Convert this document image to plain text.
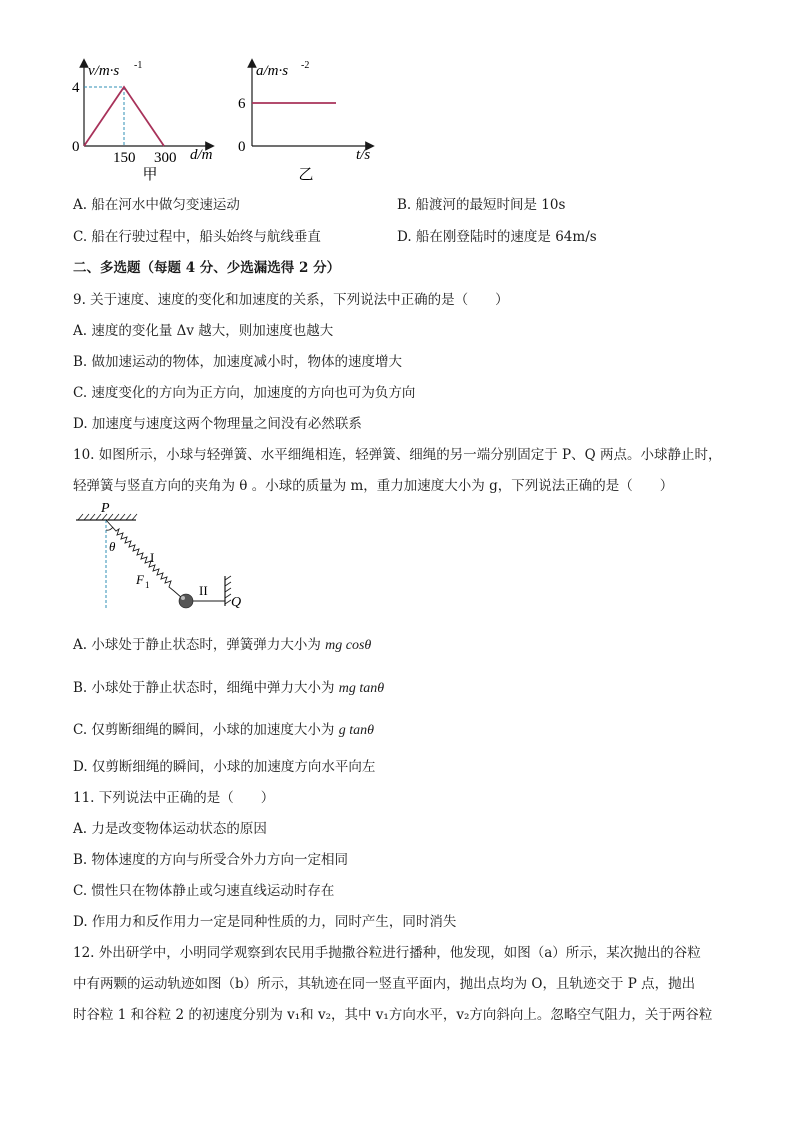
v/m·s -1
4
0
150 300 d/m
甲
a/m·s -2
6
0	t/s
乙
A. 船在河水中做匀变速运动	B. 船渡河的最短时间是 10s
C. 船在行驶过程中，船头始终与航线垂直	D. 船在刚登陆时的速度是 64m/s
二、多选题（每题 4 分、少选漏选得 2 分）
9. 关于速度、速度的变化和加速度的关系，下列说法中正确的是（　　）
A. 速度的变化量 Δv 越大，则加速度也越大
B. 做加速运动的物体，加速度减小时，物体的速度增大
C. 速度变化的方向为正方向，加速度的方向也可为负方向
D. 加速度与速度这两个物理量之间没有必然联系
10. 如图所示，小球与轻弹簧、水平细绳相连，轻弹簧、细绳的另一端分别固定于 P、Q 两点。小球静止时，
轻弹簧与竖直方向的夹角为 θ 。小球的质量为 m，重力加速度大小为 g，下列说法正确的是（　　）
P
θ
I
F 1	II
Q
A. 小球处于静止状态时，弹簧弹力大小为 mg cosθ
B. 小球处于静止状态时，细绳中弹力大小为 mg tanθ
C. 仅剪断细绳的瞬间，小球的加速度大小为 g tanθ
D. 仅剪断细绳的瞬间，小球的加速度方向水平向左
11. 下列说法中正确的是（　　）
A. 力是改变物体运动状态的原因
B. 物体速度的方向与所受合外力方向一定相同
C. 惯性只在物体静止或匀速直线运动时存在
D. 作用力和反作用力一定是同种性质的力，同时产生，同时消失
12. 外出研学中，小明同学观察到农民用手抛撒谷粒进行播种，他发现，如图（a）所示，某次抛出的谷粒
中有两颗的运动轨迹如图（b）所示，其轨迹在同一竖直平面内，抛出点均为 O，且轨迹交于 P 点，抛出
时谷粒 1 和谷粒 2 的初速度分别为 v₁和 v₂，其中 v₁方向水平，v₂方向斜向上。忽略空气阻力，关于两谷粒
